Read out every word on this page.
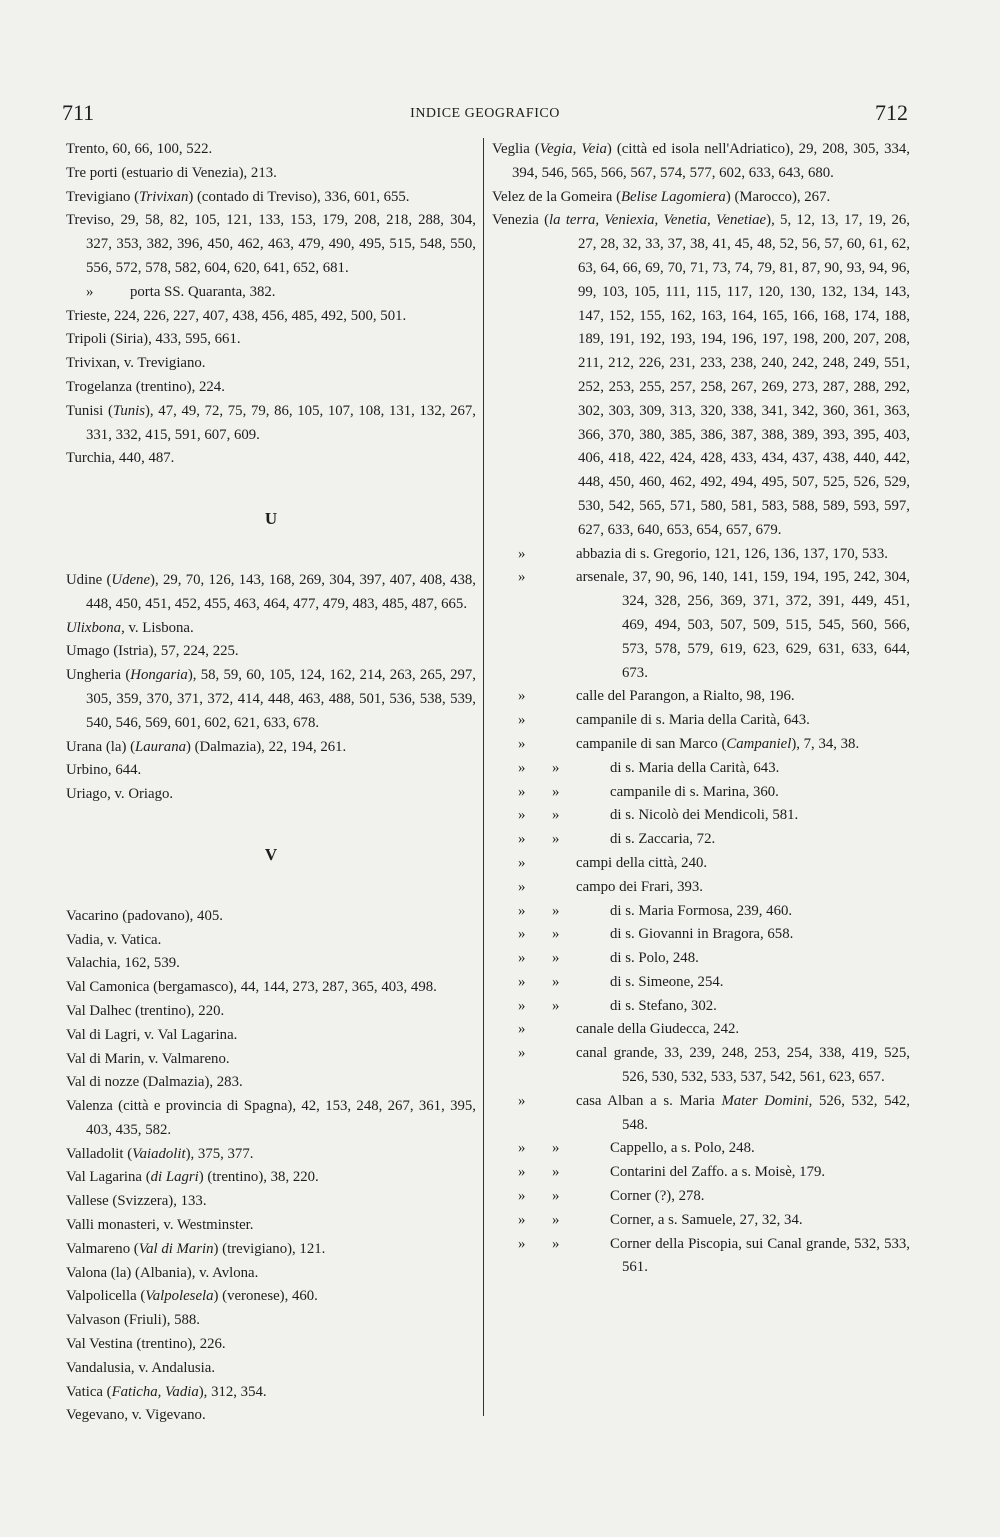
711	INDICE GEOGRAFICO	712

Trento, 60, 66, 100, 522.

Tre porti (estuario di Venezia), 213.

Trevigiano (Trivixan) (contado di Treviso), 336, 601, 655.

Treviso, 29, 58, 82, 105, 121, 133, 153, 179, 208, 218, 288, 304, 327, 353, 382, 396, 450, 462, 463, 479, 490, 495, 515, 548, 550, 556, 572, 578, 582, 604, 620, 641, 652, 681.

»	porta SS. Quaranta, 382.

Trieste, 224, 226, 227, 407, 438, 456, 485, 492, 500, 501.

Tripoli (Siria), 433, 595, 661.

Trivixan, v. Trevigiano.

Trogelanza (trentino), 224.

Tunisi (Tunis), 47, 49, 72, 75, 79, 86, 105, 107, 108, 131, 132, 267, 331, 332, 415, 591, 607, 609.

Turchia, 440, 487.

U

Udine (Udene), 29, 70, 126, 143, 168, 269, 304, 397, 407, 408, 438, 448, 450, 451, 452, 455, 463, 464, 477, 479, 483, 485, 487, 665.

Ulixbona, v. Lisbona.

Umago (Istria), 57, 224, 225.

Ungheria (Hongaria), 58, 59, 60, 105, 124, 162, 214, 263, 265, 297, 305, 359, 370, 371, 372, 414, 448, 463, 488, 501, 536, 538, 539, 540, 546, 569, 601, 602, 621, 633, 678.

Urana (la) (Laurana) (Dalmazia), 22, 194, 261.

Urbino, 644.

Uriago, v. Oriago.

V

Vacarino (padovano), 405.

Vadia, v. Vatica.

Valachia, 162, 539.

Val Camonica (bergamasco), 44, 144, 273, 287, 365, 403, 498.

Val Dalhec (trentino), 220.

Val di Lagri, v. Val Lagarina.

Val di Marin, v. Valmareno.

Val di nozze (Dalmazia), 283.

Valenza (città e provincia di Spagna), 42, 153, 248, 267, 361, 395, 403, 435, 582.

Valladolit (Vaiadolit), 375, 377.

Val Lagarina (di Lagri) (trentino), 38, 220.

Vallese (Svizzera), 133.

Valli monasteri, v. Westminster.

Valmareno (Val di Marin) (trevigiano), 121.

Valona (la) (Albania), v. Avlona.

Valpolicella (Valpolesela) (veronese), 460.

Valvason (Friuli), 588.

Val Vestina (trentino), 226.

Vandalusia, v. Andalusia.

Vatica (Faticha, Vadia), 312, 354.

Vegevano, v. Vigevano.

Veglia (Vegia, Veia) (città ed isola nell'Adriatico), 29, 208, 305, 334, 394, 546, 565, 566, 567, 574, 577, 602, 633, 643, 680.

Velez de la Gomeira (Belise Lagomiera) (Marocco), 267.

Venezia (la terra, Veniexia, Venetia, Venetiae), 5, 12, 13, 17, 19, 26, 27, 28, 32, 33, 37, 38, 41, 45, 48, 52, 56, 57, 60, 61, 62, 63, 64, 66, 69, 70, 71, 73, 74, 79, 81, 87, 90, 93, 94, 96, 99, 103, 105, 111, 115, 117, 120, 130, 132, 134, 143, 147, 152, 155, 162, 163, 164, 165, 166, 168, 174, 188, 189, 191, 192, 193, 194, 196, 197, 198, 200, 207, 208, 211, 212, 226, 231, 233, 238, 240, 242, 248, 249, 551, 252, 253, 255, 257, 258, 267, 269, 273, 287, 288, 292, 302, 303, 309, 313, 320, 338, 341, 342, 360, 361, 363, 366, 370, 380, 385, 386, 387, 388, 389, 393, 395, 403, 406, 418, 422, 424, 428, 433, 434, 437, 438, 440, 442, 448, 450, 460, 462, 492, 494, 495, 507, 525, 526, 529, 530, 542, 565, 571, 580, 581, 583, 588, 589, 593, 597, 627, 633, 640, 653, 654, 657, 679.

»	abbazia di s. Gregorio, 121, 126, 136, 137, 170, 533.

»	arsenale, 37, 90, 96, 140, 141, 159, 194, 195, 242, 304, 324, 328, 256, 369, 371, 372, 391, 449, 451, 469, 494, 503, 507, 509, 515, 545, 560, 566, 573, 578, 579, 619, 623, 629, 631, 633, 644, 673.

»	calle del Parangon, a Rialto, 98, 196.

»	campanile di s. Maria della Carità, 643.

»	campanile di san Marco (Campaniel), 7, 34, 38.

» »	di s. Maria della Carità, 643.

» »	campanile di s. Marina, 360.

» »	di s. Nicolò dei Mendicoli, 581.

» »	di s. Zaccaria, 72.

»	campi della città, 240.

»	campo dei Frari, 393.

» »	di s. Maria Formosa, 239, 460.

» »	di s. Giovanni in Bragora, 658.

» »	di s. Polo, 248.

» »	di s. Simeone, 254.

» »	di s. Stefano, 302.

»	canale della Giudecca, 242.

»	canal grande, 33, 239, 248, 253, 254, 338, 419, 525, 526, 530, 532, 533, 537, 542, 561, 623, 657.

»	casa Alban a s. Maria Mater Domini, 526, 532, 542, 548.

» »	Cappello, a s. Polo, 248.

» »	Contarini del Zaffo. a s. Moisè, 179.

» »	Corner (?), 278.

» »	Corner, a s. Samuele, 27, 32, 34.

» »	Corner della Piscopia, sui Canal grande, 532, 533, 561.
